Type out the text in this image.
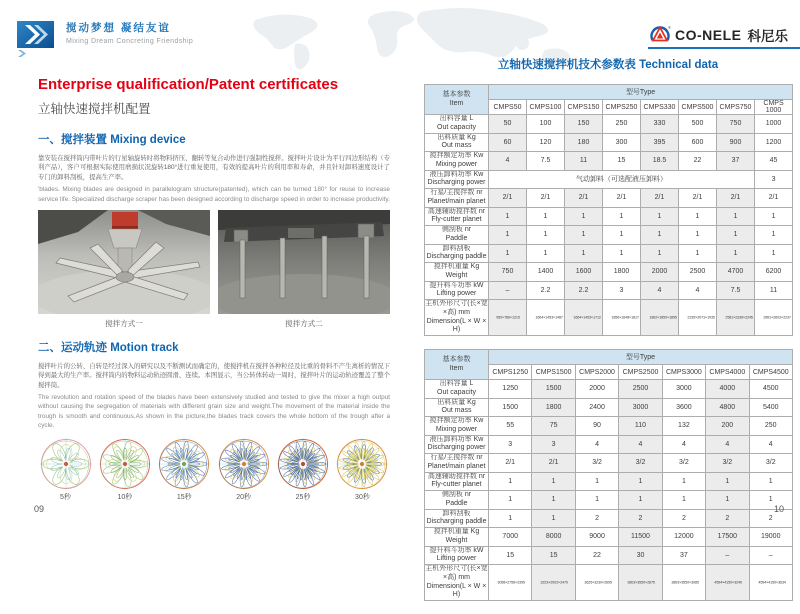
搅动梦想 凝结友谊
Mixing Dream Concreting Friendship
® CO-NELE 科尼乐
Enterprise qualification/Patent certificates
立轴快速搅拌机配置
一、搅拌装置 Mixing device

靠安装在搅拌筒内带叶片的行星轴旋转时将物料挤压、翻转等复合动作进行强制性搅拌。搅拌叶片设计为平行四边形结构（专利产品），客户可根据实际使用磨损状况旋转180°进行重复使用，有效的提高叶片的利用率和寿命，并且针对卸料速度设计了专门的卸料刮板，提高生产率。

'blades. Mixing blades are designed in parallelogram structure(patented), which can be turned 180° for reuse to increase service life. Specialized discharge scraper has been designed according to discharge speed in order to increase productivity.

搅拌方式一	搅拌方式二
二、运动轨迹 Motion track

搅拌叶片的公转、自转是经过深入的研究以及不断测试而确定的，使搅拌机在搅拌各种粒径及比重的骨料不产生离析的情况下得到最大的生产率。搅拌筒内的物料运动轨迹圆滑、连续。本图显示，当公转体转动一周时，搅拌叶片的运动轨迹覆盖了整个搅拌筒。

The revolution and rotation speed of the blades have been extensively studied and tested to give the mixer a high output without causing the segregation of materials with different grain size and weight.The movement of the material inside the trough is smooth and continuous.As shown in the picture,the blades track covers the whole bottom of the trough after a cycle.

5秒	10秒	15秒	20秒	25秒	30秒
09
立轴快速搅拌机技术参数表 Technical data
基本参数
Item	型号Type							
	CMPS50	CMPS100	CMPS150	CMPS250	CMPS330	CMPS500	CMPS750	CMPS 1000

出料容量 L
Out capacity	50	100	150	250	330	500	750	1000

出料质量 Kg
Out mass	60	120	180	300	395	600	900	1200

搅拌额定功率 Kw
Mixing power	4	7.5	11	15	18.5	22	37	45

液压卸料功率 Kw
Discharging power	气动卸料（可选配液压卸料）							3

行星/主搅拌数 nr
Planet/main planet	2/1	2/1	2/1	2/1	2/1	2/1	2/1	2/1

高速辅助搅拌数 nr
Fly-cutter planet	1	1	1	1	1	1	1	1

侧刮板 nr
Paddle	1	1	1	1	1	1	1	1

卸料刮板
Discharging paddle	1	1	1	1	1	1	1	1

搅拌机重量 Kg
Weight	750	1400	1600	1800	2000	2500	4700	6200

提升料斗功率 kW
Lifting power	–	2.2	2.2	3	4	4	7.5	11

主机外形尺寸(长×宽×高) mm
Dimension(L × W × H)	950×786×1215	1664×1453×1487	1664×1453×1712	1856×1648×1817	1862×1850×1895	2235×2071×1935	2581×2336×2245	2891×2602×2237
基本参数
Item	型号Type						
	CMPS1250	CMPS1500	CMPS2000	CMPS2500	CMPS3000	CMPS4000	CMPS4500

出料容量 L
Out capacity	1250	1500	2000	2500	3000	4000	4500

出料质量 Kg
Out mass	1500	1800	2400	3000	3600	4800	5400

搅拌额定功率 Kw
Mixing power	55	75	90	110	132	200	250

液压卸料功率 Kw
Discharging power	3	3	4	4	4	4	4

行星/主搅拌数 nr
Planet/main planet	2/1	2/1	3/2	3/2	3/2	3/2	3/2

高速辅助搅拌数 nr
Fly-cutter planet	1	1	1	1	1	1	1

侧刮板 nr
Paddle	1	1	1	1	1	1	1

卸料刮板
Discharging paddle	1	1	2	2	2	2	2

搅拌机重量 Kg
Weight	7000	8000	9000	11500	12000	17500	19000

提升料斗功率 kW
Lifting power	15	15	22	30	37	–	–

主机外形尺寸(长×宽×高) mm
Dimension(L × W × H)	3058×2756×2395	3223×2902×2470	3625×3230×2695	3803×3550×2875	3893×3550×3085	4594×4150×3249	4594×4150×3634
10
